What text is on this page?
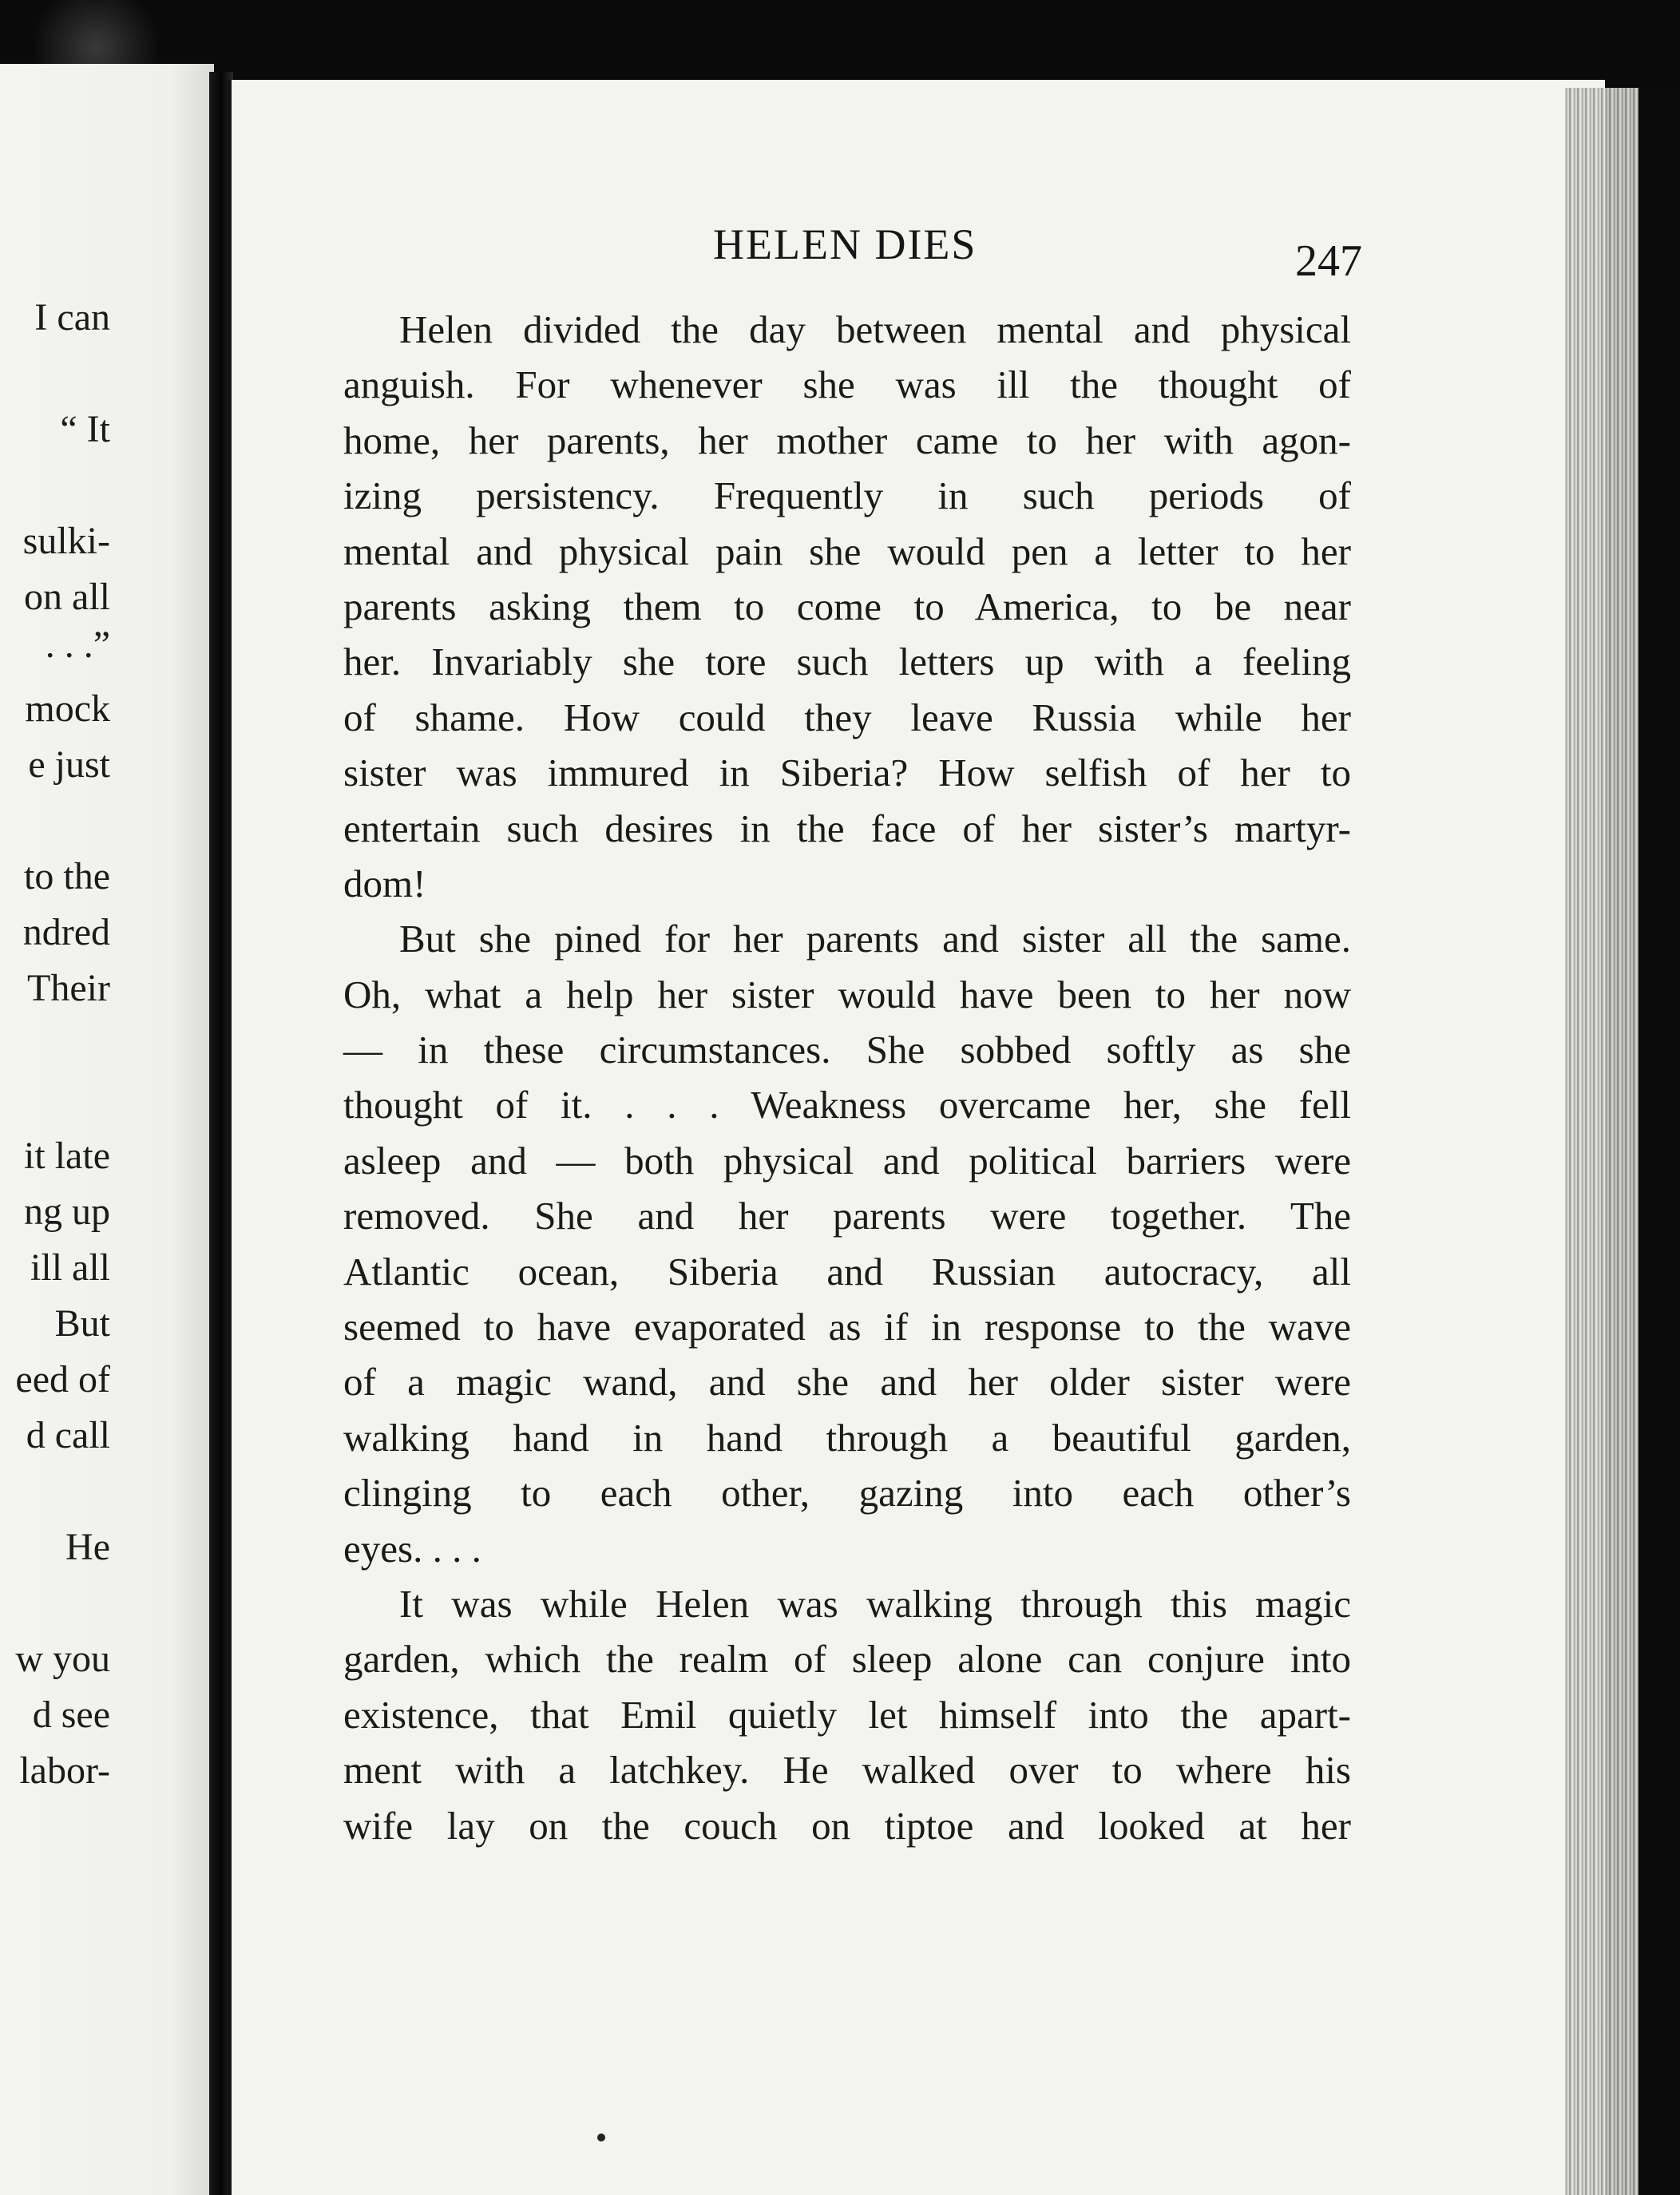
I can
“ It
sulki-
on all
. . .”
mock
e just
to the
ndred
Their
it late
ng up
ill all
But
eed of
d call
He
w you
d see
labor-
HELEN DIES	247
Helen divided the day between mental and physical
anguish. For whenever she was ill the thought of
home, her parents, her mother came to her with agon-
izing persistency. Frequently in such periods of
mental and physical pain she would pen a letter to her
parents asking them to come to America, to be near
her. Invariably she tore such letters up with a feeling
of shame. How could they leave Russia while her
sister was immured in Siberia? How selfish of her to
entertain such desires in the face of her sister’s martyr-
dom!
But she pined for her parents and sister all the same.
Oh, what a help her sister would have been to her now
— in these circumstances. She sobbed softly as she
thought of it. . . . Weakness overcame her, she fell
asleep and — both physical and political barriers were
removed. She and her parents were together. The
Atlantic ocean, Siberia and Russian autocracy, all
seemed to have evaporated as if in response to the wave
of a magic wand, and she and her older sister were
walking hand in hand through a beautiful garden,
clinging to each other, gazing into each other’s
eyes. . . .
It was while Helen was walking through this magic
garden, which the realm of sleep alone can conjure into
existence, that Emil quietly let himself into the apart-
ment with a latchkey. He walked over to where his
wife lay on the couch on tiptoe and looked at her
